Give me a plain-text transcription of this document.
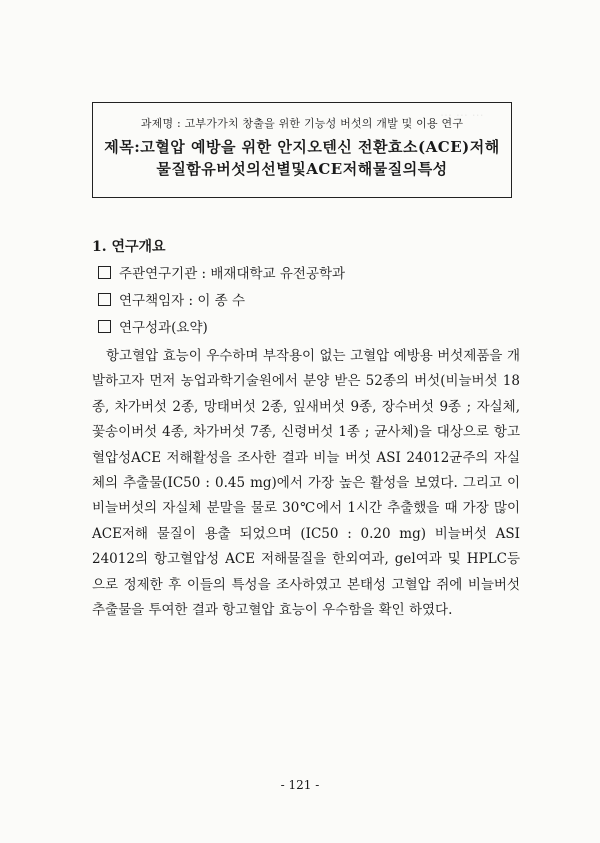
⋯ ⋯ ⋯
과제명 : 고부가가치 창출을 위한 기능성 버섯의 개발 및 이용 연구
제목:고혈압 예방을 위한 안지오텐신 전환효소(ACE)저해
물질함유버섯의선별및ACE저해물질의특성
1. 연구개요
주관연구기관 : 배재대학교 유전공학과
연구책임자 : 이 종 수
연구성과(요약)
항고혈압 효능이 우수하며 부작용이 없는 고혈압 예방용 버섯제품을 개발하고자 먼저 농업과학기술원에서 분양 받은 52종의 버섯(비늘버섯 18종, 차가버섯 2종, 망태버섯 2종, 잎새버섯 9종, 장수버섯 9종 ; 자실체, 꽃송이버섯 4종, 차가버섯 7종, 신령버섯 1종 ; 균사체)을 대상으로 항고혈압성ACE 저해활성을 조사한 결과 비늘 버섯 ASI 24012균주의 자실체의 추출물(IC50 : 0.45 mg)에서 가장 높은 활성을 보였다. 그리고 이 비늘버섯의 자실체 분말을 물로 30℃에서 1시간 추출했을 때 가장 많이 ACE저해 물질이 용출 되었으며 (IC50 : 0.20 mg) 비늘버섯 ASI 24012의 항고혈압성 ACE 저해물질을 한외여과, gel여과 및 HPLC등으로 정제한 후 이들의 특성을 조사하였고 본태성 고혈압 쥐에 비늘버섯 추출물을 투여한 결과 항고혈압 효능이 우수함을 확인 하였다.
- 121 -
